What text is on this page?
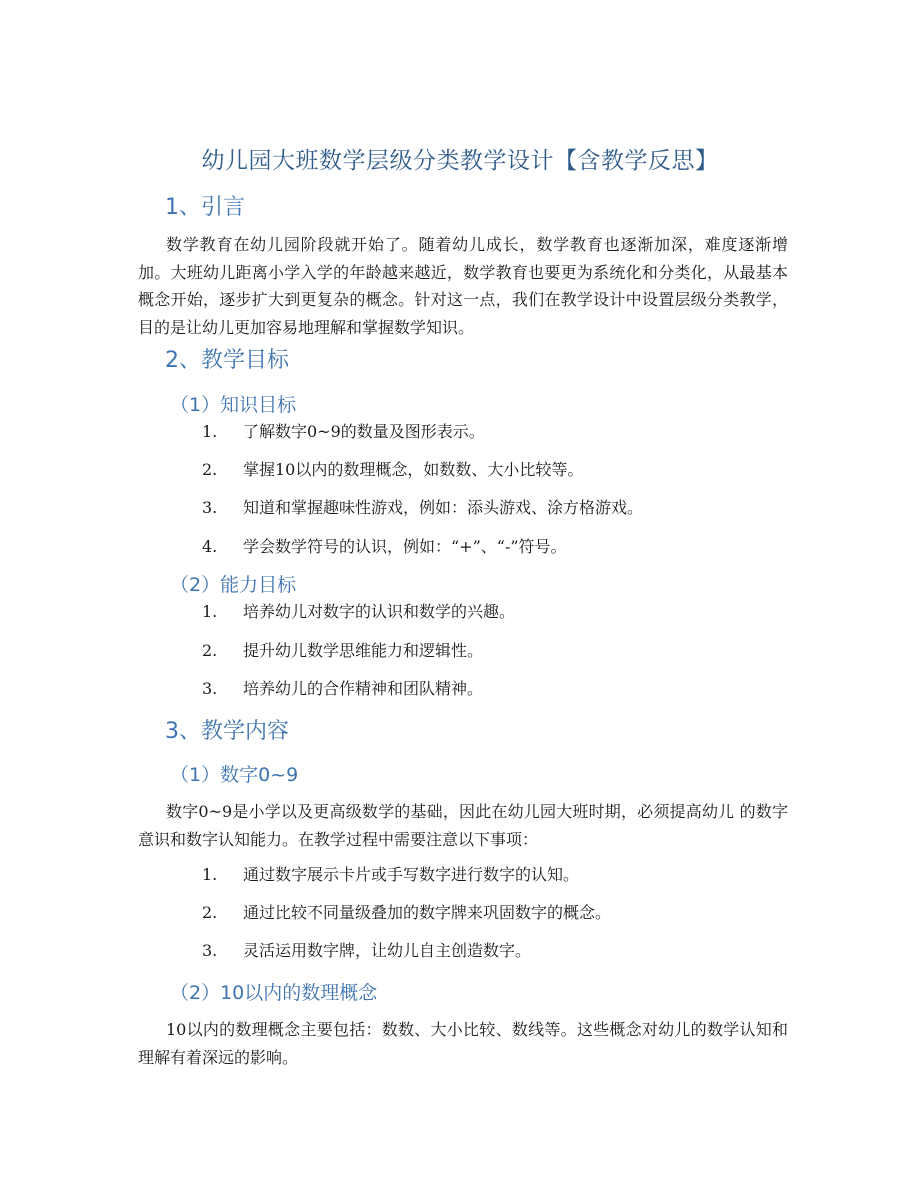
幼儿园大班数学层级分类教学设计【含教学反思】
1、引言

数学教育在幼儿园阶段就开始了。随着幼儿成长，数学教育也逐渐加深，难度逐渐增加。大班幼儿距离小学入学的年龄越来越近，数学教育也要更为系统化和分类化，从最基本概念开始，逐步扩大到更复杂的概念。针对这一点，我们在教学设计中设置层级分类教学，目的是让幼儿更加容易地理解和掌握数学知识。

2、教学目标
（1）知识目标
1. 了解数字0~9的数量及图形表示。
2. 掌握10以内的数理概念，如数数、大小比较等。
3. 知道和掌握趣味性游戏，例如：添头游戏、涂方格游戏。
4. 学会数学符号的认识，例如：“+”、“-”符号。
（2）能力目标
1. 培养幼儿对数字的认识和数学的兴趣。
2. 提升幼儿数学思维能力和逻辑性。
3. 培养幼儿的合作精神和团队精神。
3、教学内容
（1）数字0~9

数字0~9是小学以及更高级数学的基础，因此在幼儿园大班时期，必须提高幼儿 的数字意识和数字认知能力。在教学过程中需要注意以下事项：

1. 通过数字展示卡片或手写数字进行数字的认知。
2. 通过比较不同量级叠加的数字牌来巩固数字的概念。
3. 灵活运用数字牌，让幼儿自主创造数字。
（2）10以内的数理概念

10以内的数理概念主要包括：数数、大小比较、数线等。这些概念对幼儿的数学认知和理解有着深远的影响。
